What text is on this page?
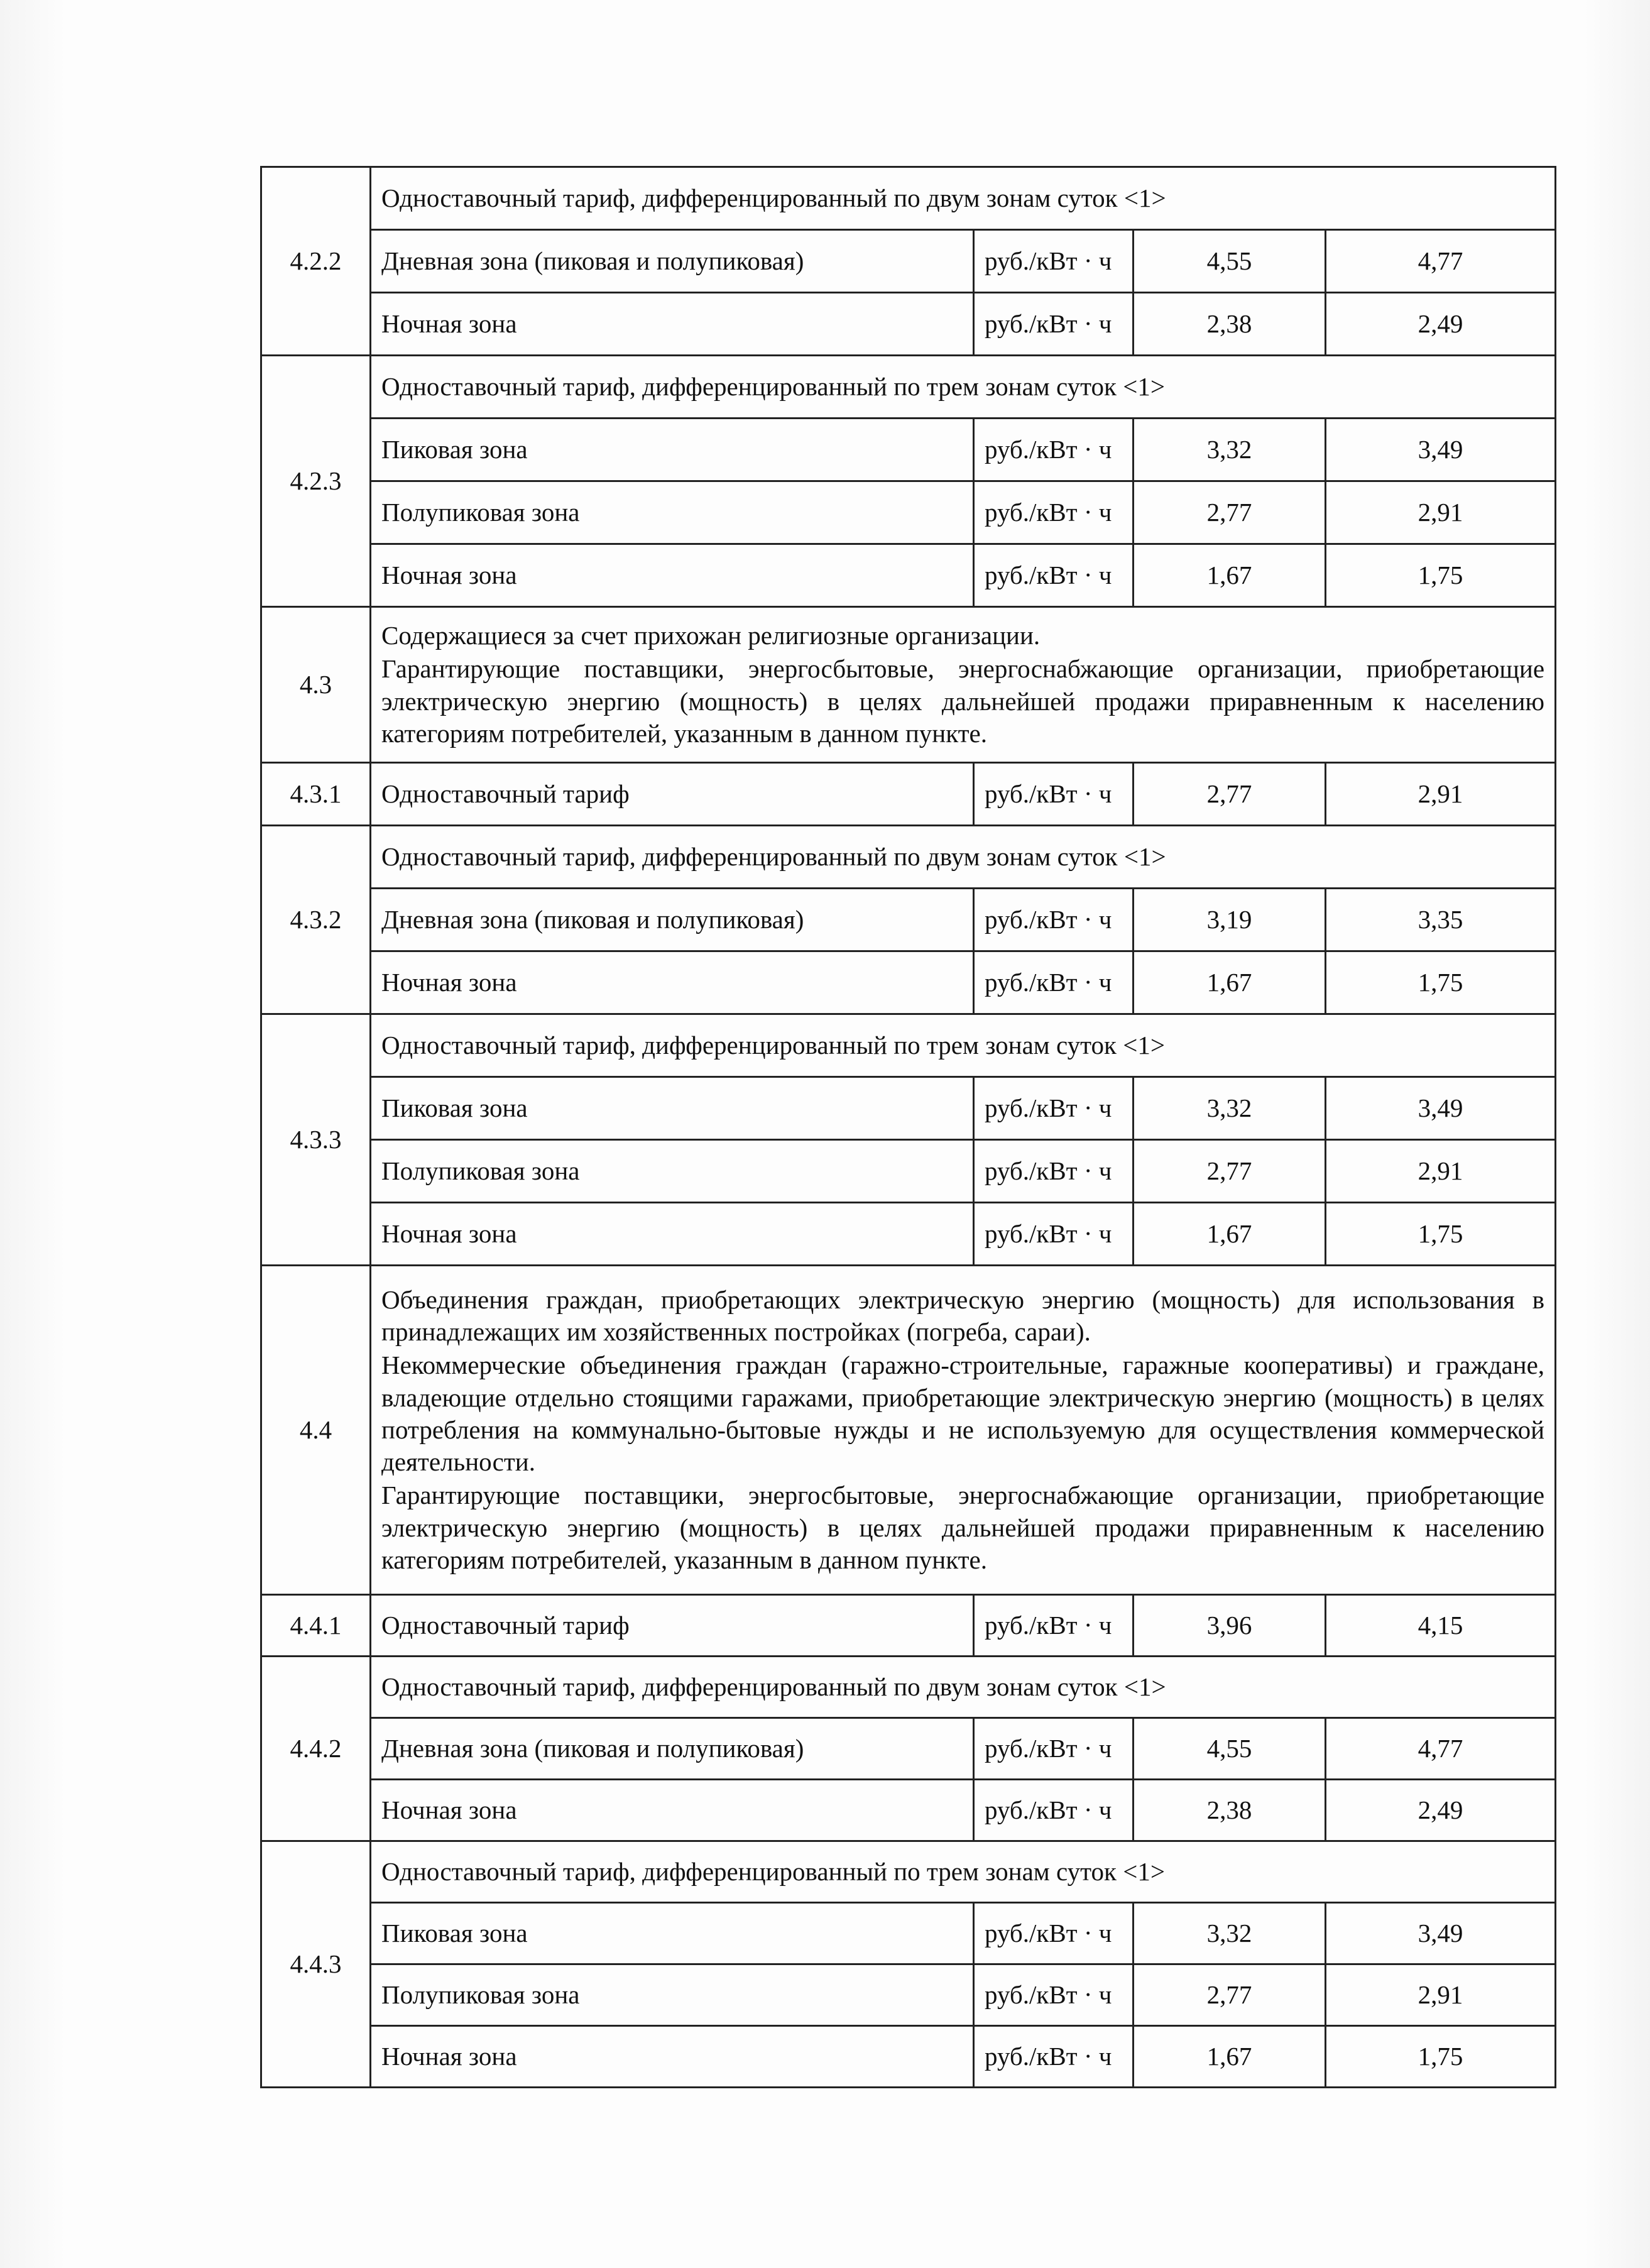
4.2.2	Одноставочный тариф, дифференцированный по двум зонам суток <1>			
	Дневная зона (пиковая и полупиковая)	руб./кВт · ч	4,55	4,77
	Ночная зона	руб./кВт · ч	2,38	2,49
4.2.3	Одноставочный тариф, дифференцированный по трем зонам суток <1>			
	Пиковая зона	руб./кВт · ч	3,32	3,49
	Полупиковая зона	руб./кВт · ч	2,77	2,91
	Ночная зона	руб./кВт · ч	1,67	1,75
4.3	Содержащиеся за счет прихожан религиозные организации.

Гарантирующие поставщики, энергосбытовые, энергоснабжающие организации, приобретающие электрическую энергию (мощность) в целях дальнейшей продажи приравненным к населению категориям потребителей, указанным в данном пункте.			

4.3.1	Одноставочный тариф	руб./кВт · ч	2,77	2,91
4.3.2	Одноставочный тариф, дифференцированный по двум зонам суток <1>			
	Дневная зона (пиковая и полупиковая)	руб./кВт · ч	3,19	3,35
	Ночная зона	руб./кВт · ч	1,67	1,75
4.3.3	Одноставочный тариф, дифференцированный по трем зонам суток <1>			
	Пиковая зона	руб./кВт · ч	3,32	3,49
	Полупиковая зона	руб./кВт · ч	2,77	2,91
	Ночная зона	руб./кВт · ч	1,67	1,75
4.4	Объединения граждан, приобретающих электрическую энергию (мощность) для использования в принадлежащих им хозяйственных постройках (погреба, сараи).

Некоммерческие объединения граждан (гаражно-строительные, гаражные кооперативы) и граждане, владеющие отдельно стоящими гаражами, приобретающие электрическую энергию (мощность) в целях потребления на коммунально-бытовые нужды и не используемую для осуществления коммерческой деятельности.

Гарантирующие поставщики, энергосбытовые, энергоснабжающие организации, приобретающие электрическую энергию (мощность) в целях дальнейшей продажи приравненным к населению категориям потребителей, указанным в данном пункте.			

4.4.1	Одноставочный тариф	руб./кВт · ч	3,96	4,15
4.4.2	Одноставочный тариф, дифференцированный по двум зонам суток <1>			
	Дневная зона (пиковая и полупиковая)	руб./кВт · ч	4,55	4,77
	Ночная зона	руб./кВт · ч	2,38	2,49
4.4.3	Одноставочный тариф, дифференцированный по трем зонам суток <1>			
	Пиковая зона	руб./кВт · ч	3,32	3,49
	Полупиковая зона	руб./кВт · ч	2,77	2,91
	Ночная зона	руб./кВт · ч	1,67	1,75
